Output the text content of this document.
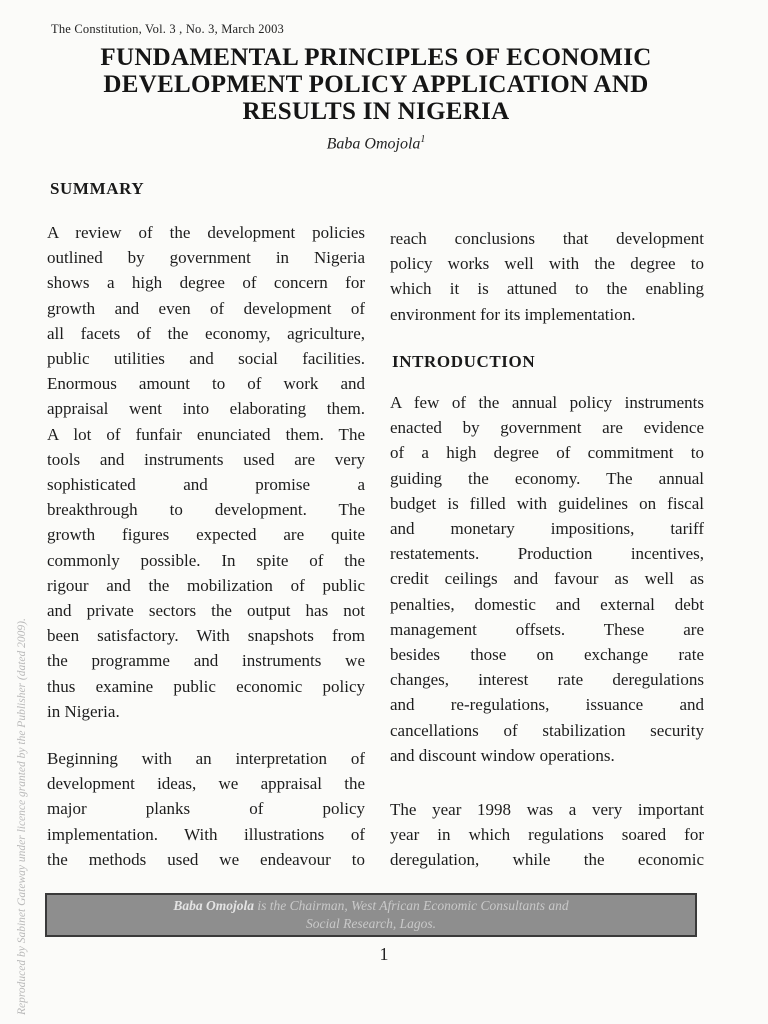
The Constitution, Vol. 3 , No. 3, March 2003
FUNDAMENTAL PRINCIPLES OF ECONOMIC
DEVELOPMENT POLICY APPLICATION AND
RESULTS IN NIGERIA
Baba Omojola$^1$
SUMMARY
A review of the development policies
outlined by government in Nigeria
shows a high degree of concern for
growth and even of development of
all facets of the economy, agriculture,
public utilities and social facilities.
Enormous amount to of work and
appraisal went into elaborating them.
A lot of funfair enunciated them. The
tools and instruments used are very
sophisticated and promise a
breakthrough to development. The
growth figures expected are quite
commonly possible. In spite of the
rigour and the mobilization of public
and private sectors the output has not
been satisfactory. With snapshots from
the programme and instruments we
thus examine public economic policy
in Nigeria.
Beginning with an interpretation of
development ideas, we appraisal the
major planks of policy
implementation. With illustrations of
the methods used we endeavour to
reach conclusions that development
policy works well with the degree to
which it is attuned to the enabling
environment for its implementation.
INTRODUCTION
A few of the annual policy instruments
enacted by government are evidence
of a high degree of commitment to
guiding the economy. The annual
budget is filled with guidelines on fiscal
and monetary impositions, tariff
restatements. Production incentives,
credit ceilings and favour as well as
penalties, domestic and external debt
management offsets. These are
besides those on exchange rate
changes, interest rate deregulations
and re-regulations, issuance and
cancellations of stabilization security
and discount window operations.
The year 1998 was a very important
year in which regulations soared for
deregulation, while the economic
Baba Omojola is the Chairman, West African Economic Consultants and
Social Research, Lagos.
1
Reproduced by Sabinet Gateway under licence granted by the Publisher (dated 2009).
